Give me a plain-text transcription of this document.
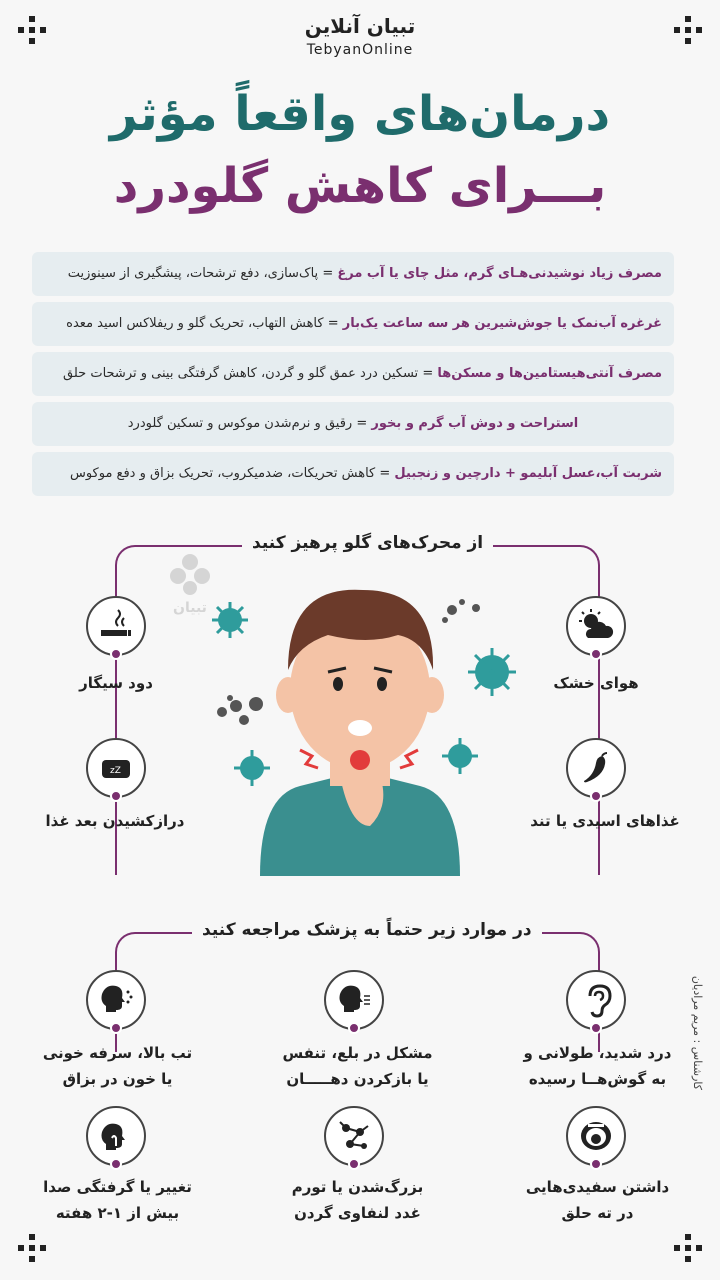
تبیان آنلاین
TebyanOnline
درمان‌های واقعاً مؤثر
بـــرای کاهش گلودرد
مصرف زیاد نوشیدنی‌هـای گرم، مثل چای یا آب مرغ = پاک‌سازی، دفع ترشحات، پیشگیری از سینوزیت
غرغره آب‌نمک یا جوش‌شیرین هر سه ساعت یک‌بار = کاهش التهاب، تحریک گلو و ریفلاکس اسید معده
مصرف آنتی‌هیستامین‌ها و مسکن‌ها = تسکین درد عمق گلو و گردن، کاهش گرفتگی بینی و ترشحات حلق
استراحت و دوش آب گرم و بخور = رقیق و نرم‌شدن موکوس و تسکین گلودرد
شربت آب،عسل آبلیمو + دارچین و زنجبیل = کاهش تحریکات، ضدمیکروب، تحریک بزاق و دفع موکوس
از محرک‌های گلو پرهیز کنید
تبیان
دود سیگار	هوای خشک
zZ
درازکشیدن بعد غذا	غذاهای اسیدی یا تند
در موارد زیر حتماً به پزشک مراجعه کنید
تب بالا، سرفه خونی
یا خون در بزاق
مشکل در بلع، تنفس
یا بازکردن دهـــــان
درد شدید، طولانی و
به گوش‌هــا رسیده
تغییر یا گرفتگی صدا
بیش از ۱-۲ هفته
بزرگ‌شدن یا تورم
غدد لنفاوی گردن
داشتن سفیدی‌هایی
در ته حلق
کارشناس : مریم مرادیان
